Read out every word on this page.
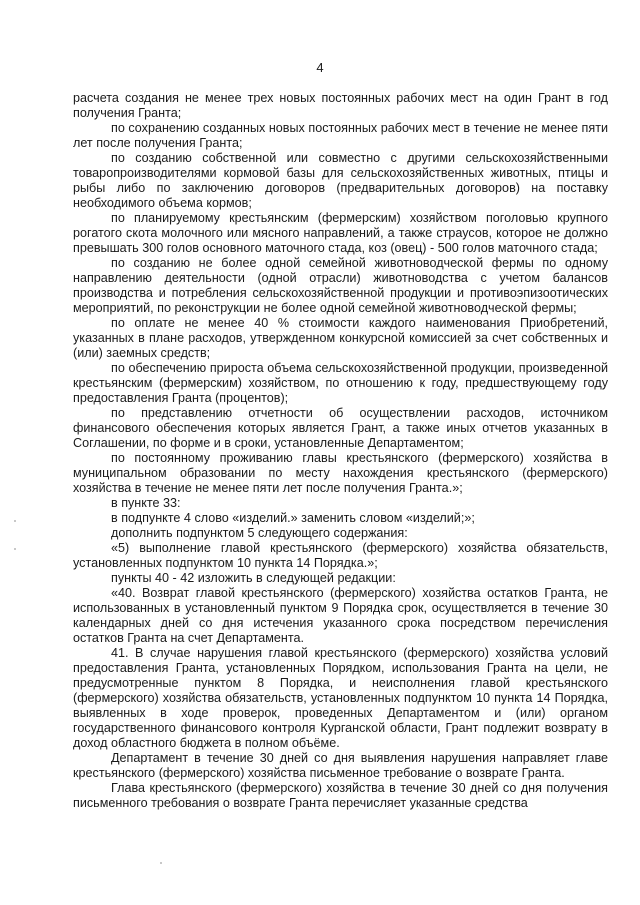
4

расчета создания не менее трех новых постоянных рабочих мест на один Грант в год получения Гранта;

по сохранению созданных новых постоянных рабочих мест в течение не менее пяти лет после получения Гранта;

по созданию собственной или совместно с другими сельскохозяйственными товаропроизводителями кормовой базы для сельскохозяйственных животных, птицы и рыбы либо по заключению договоров (предварительных договоров) на поставку необходимого объема кормов;

по планируемому крестьянским (фермерским) хозяйством поголовью крупного рогатого скота молочного или мясного направлений, а также страусов, которое не должно превышать 300 голов основного маточного стада, коз (овец) - 500 голов маточного стада;

по созданию не более одной семейной животноводческой фермы по одному направлению деятельности (одной отрасли) животноводства с учетом балансов производства и потребления сельскохозяйственной продукции и противоэпизоотических мероприятий, по реконструкции не более одной семейной животноводческой фермы;

по оплате не менее 40 % стоимости каждого наименования Приобретений, указанных в плане расходов, утвержденном конкурсной комиссией за счет собственных и (или) заемных средств;

по обеспечению прироста объема сельскохозяйственной продукции, произведенной крестьянским (фермерским) хозяйством, по отношению к году, предшествующему году предоставления Гранта (процентов);

по представлению отчетности об осуществлении расходов, источником финансового обеспечения которых является Грант, а также иных отчетов указанных в Соглашении, по форме и в сроки, установленные Департаментом;

по постоянному проживанию главы крестьянского (фермерского) хозяйства в муниципальном образовании по месту нахождения крестьянского (фермерского) хозяйства в течение не менее пяти лет после получения Гранта.»;

в пункте 33:

в подпункте 4 слово «изделий.» заменить словом «изделий;»;

дополнить подпунктом 5 следующего содержания:

«5) выполнение главой крестьянского (фермерского) хозяйства обязательств, установленных подпунктом 10 пункта 14 Порядка.»;

пункты 40 - 42 изложить в следующей редакции:

«40. Возврат главой крестьянского (фермерского) хозяйства остатков Гранта, не использованных в установленный пунктом 9 Порядка срок, осуществляется в течение 30 календарных дней со дня истечения указанного срока посредством перечисления остатков Гранта на счет Департамента.

41. В случае нарушения главой крестьянского (фермерского) хозяйства условий предоставления Гранта, установленных Порядком, использования Гранта на цели, не предусмотренные пунктом 8 Порядка, и неисполнения главой крестьянского (фермерского) хозяйства обязательств, установленных подпунктом 10 пункта 14 Порядка, выявленных в ходе проверок, проведенных Департаментом и (или) органом государственного финансового контроля Курганской области, Грант подлежит возврату в доход областного бюджета в полном объёме.

Департамент в течение 30 дней со дня выявления нарушения направляет главе крестьянского (фермерского) хозяйства письменное требование о возврате Гранта.

Глава крестьянского (фермерского) хозяйства в течение 30 дней со дня получения письменного требования о возврате Гранта перечисляет указанные средства
